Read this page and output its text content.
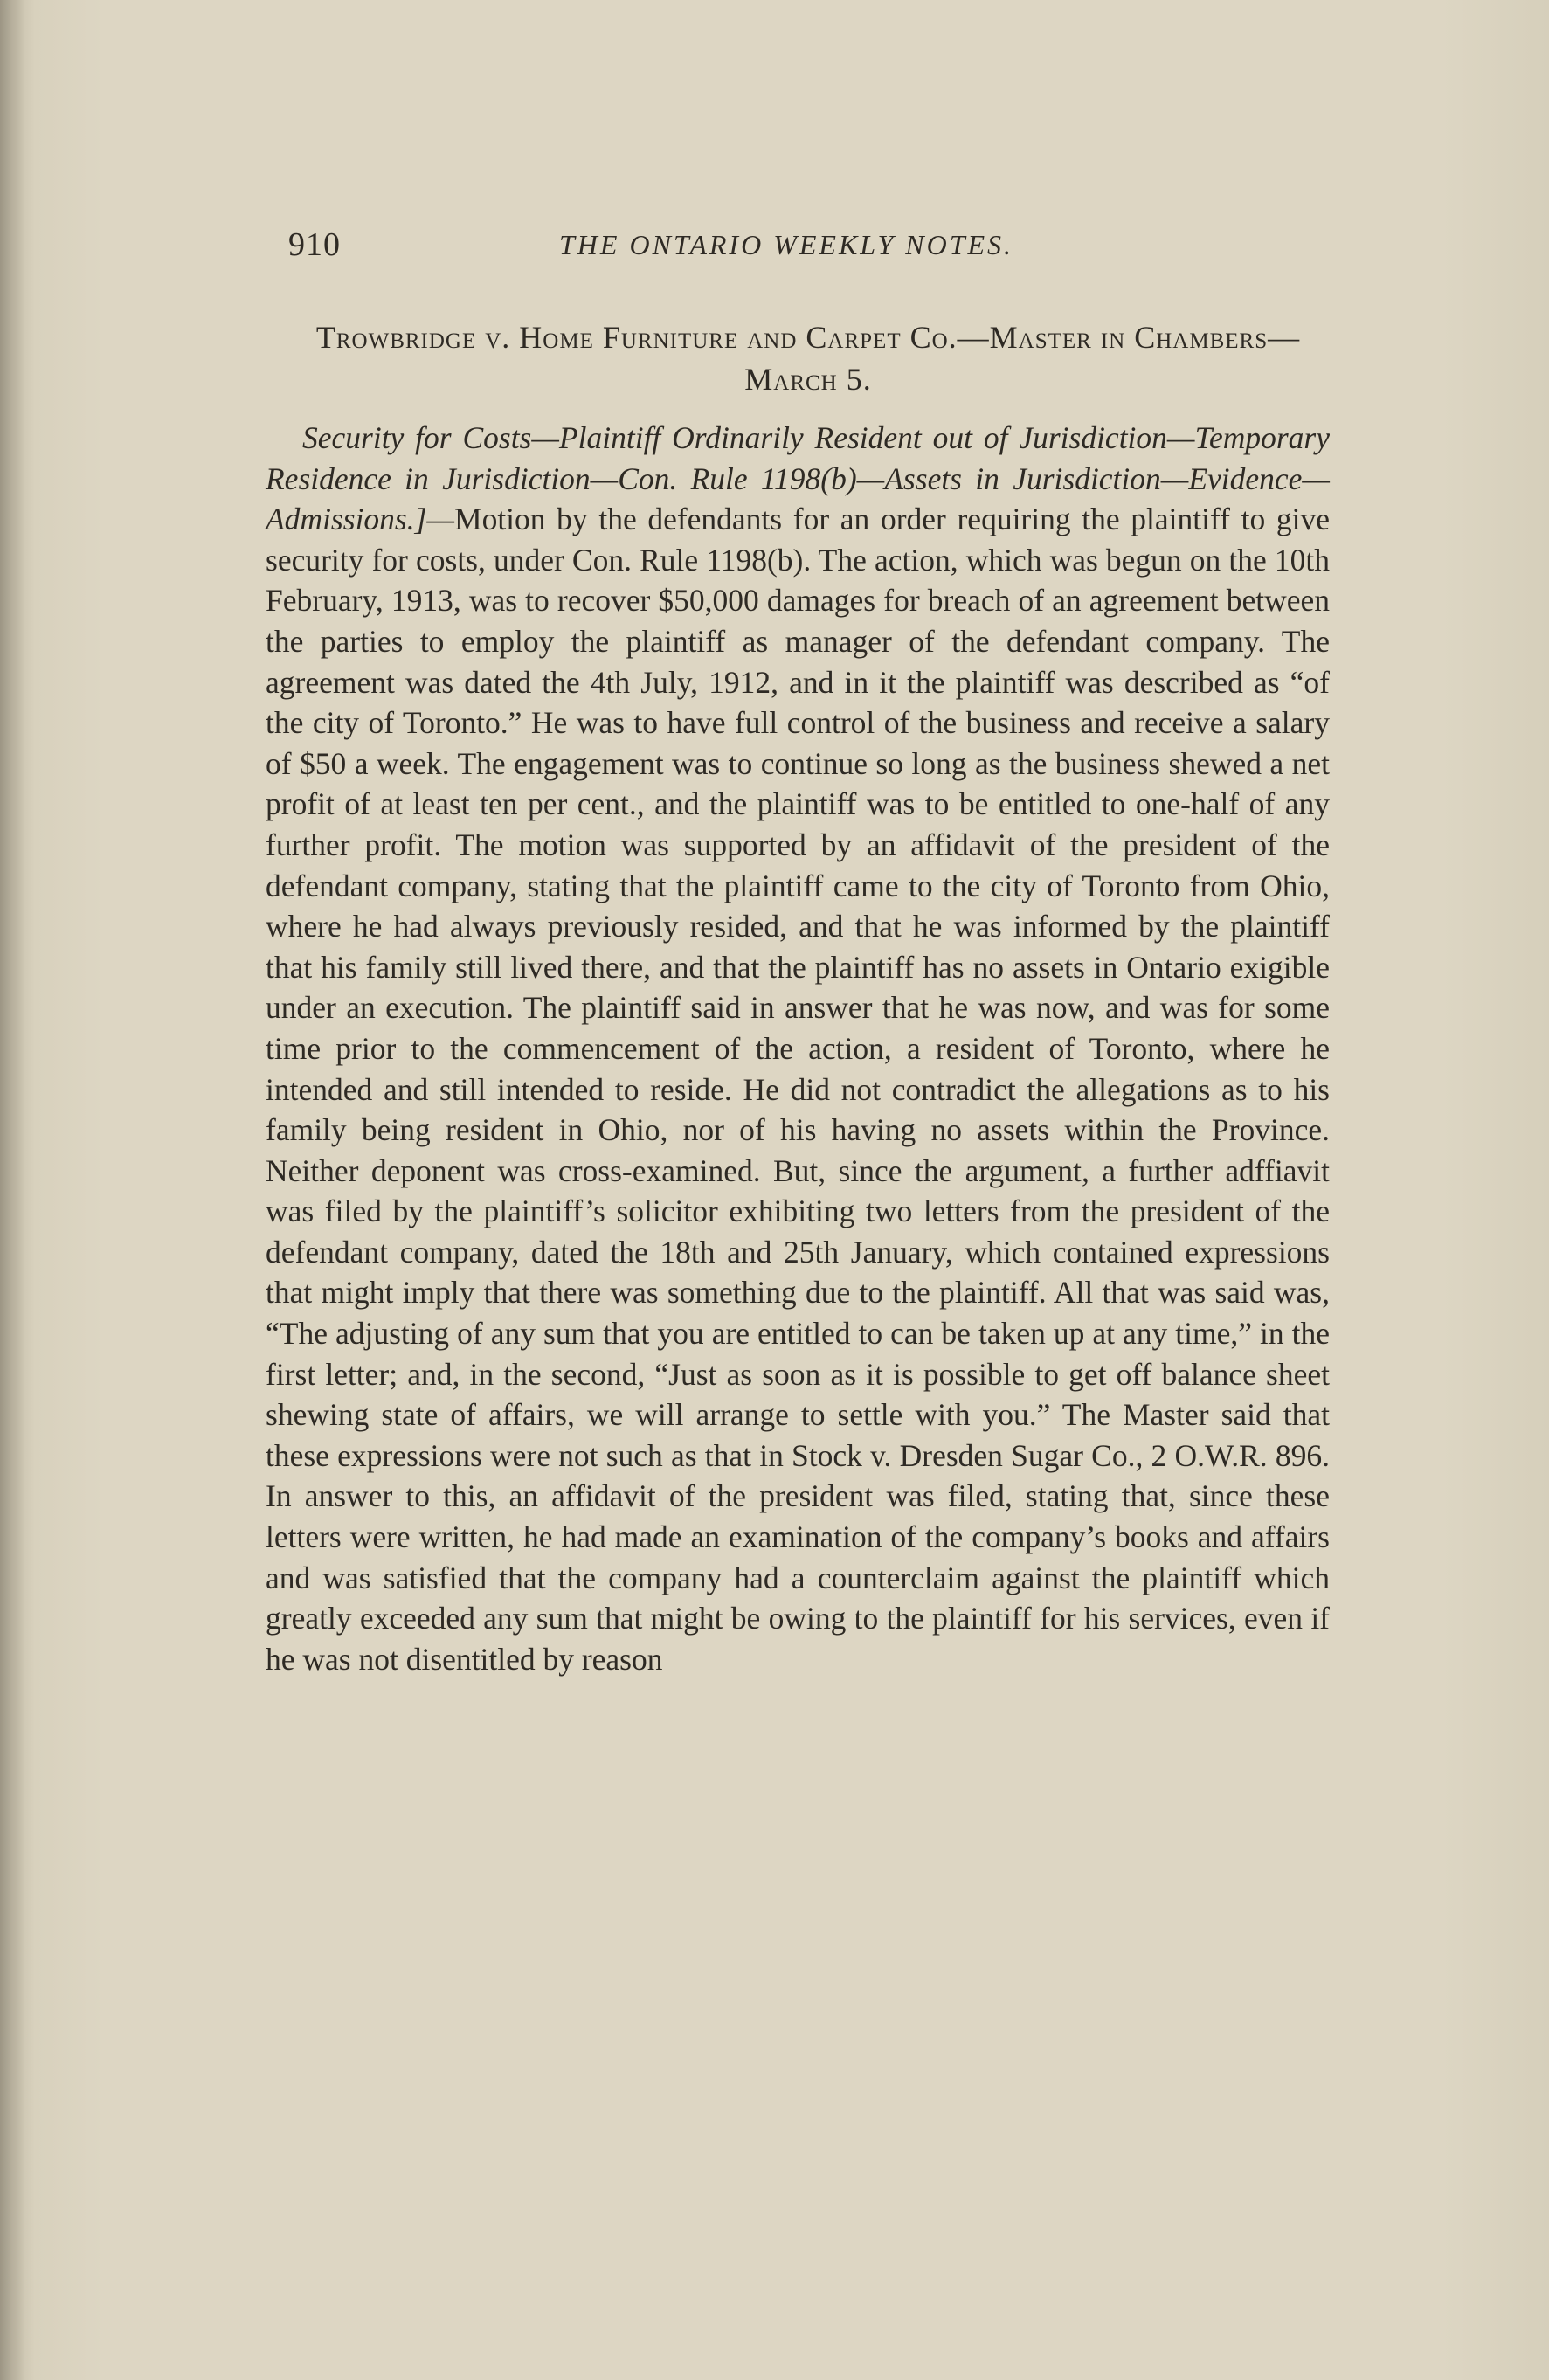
910	THE ONTARIO WEEKLY NOTES.
Trowbridge v. Home Furniture and Carpet Co.—Master in Chambers—March 5.

Security for Costs—Plaintiff Ordinarily Resident out of Jurisdiction—Temporary Residence in Jurisdiction—Con. Rule 1198(b)—Assets in Jurisdiction—Evidence—Admissions.]—Motion by the defendants for an order requiring the plaintiff to give security for costs, under Con. Rule 1198(b). The action, which was begun on the 10th February, 1913, was to recover $50,000 damages for breach of an agreement between the parties to employ the plaintiff as manager of the defendant company. The agreement was dated the 4th July, 1912, and in it the plaintiff was described as “of the city of Toronto.” He was to have full control of the business and receive a salary of $50 a week. The engagement was to continue so long as the business shewed a net profit of at least ten per cent., and the plaintiff was to be entitled to one-half of any further profit. The motion was supported by an affidavit of the president of the defendant company, stating that the plaintiff came to the city of Toronto from Ohio, where he had always previously resided, and that he was informed by the plaintiff that his family still lived there, and that the plaintiff has no assets in Ontario exigible under an execution. The plaintiff said in answer that he was now, and was for some time prior to the commencement of the action, a resident of Toronto, where he intended and still intended to reside. He did not contradict the allegations as to his family being resident in Ohio, nor of his having no assets within the Province. Neither deponent was cross-examined. But, since the argument, a further adffiavit was filed by the plaintiff’s solicitor exhibiting two letters from the president of the defendant company, dated the 18th and 25th January, which contained expressions that might imply that there was something due to the plaintiff. All that was said was, “The adjusting of any sum that you are entitled to can be taken up at any time,” in the first letter; and, in the second, “Just as soon as it is possible to get off balance sheet shewing state of affairs, we will arrange to settle with you.” The Master said that these expressions were not such as that in Stock v. Dresden Sugar Co., 2 O.W.R. 896. In answer to this, an affidavit of the president was filed, stating that, since these letters were written, he had made an examination of the company’s books and affairs and was satisfied that the company had a counterclaim against the plaintiff which greatly exceeded any sum that might be owing to the plaintiff for his services, even if he was not disentitled by reason
